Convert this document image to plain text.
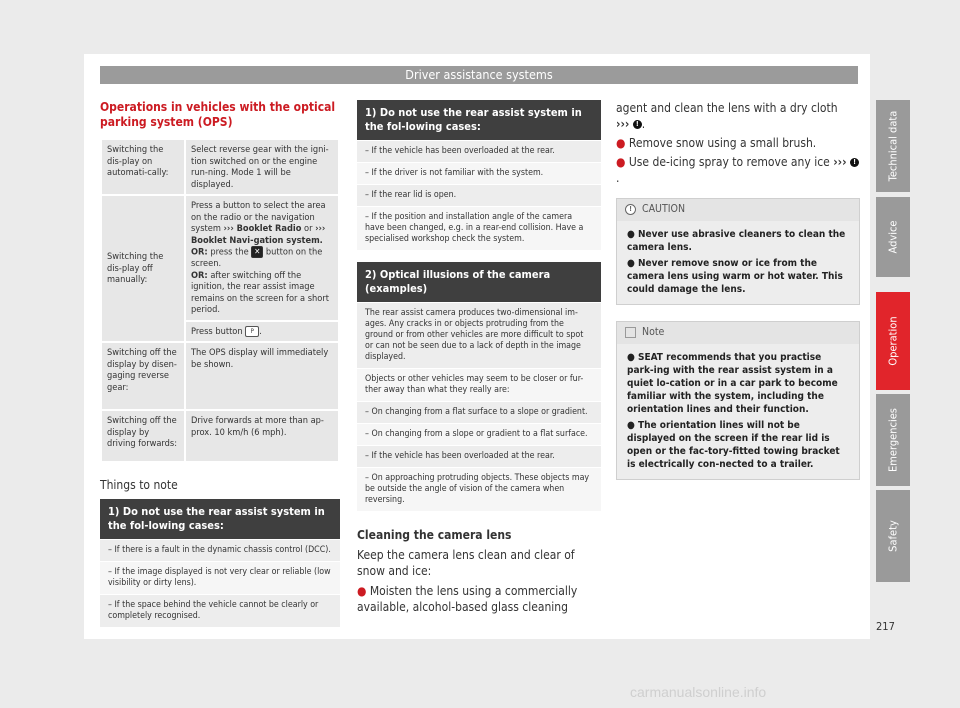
Driver assistance systems
Operations in vehicles with the optical parking system (OPS)
Switching the dis-play on automati-cally:	Select reverse gear with the igni-tion switched on or the engine run-ning. Mode 1 will be displayed.
Switching the dis-play off manually:	Press a button to select the area on the radio or the navigation system ››› Booklet Radio or ››› Booklet Navi-gation system.
OR: press the ✕ button on the screen.
OR: after switching off the ignition, the rear assist image remains on the screen for a short period.
	Press button P .
Switching off the display by disen-gaging reverse gear:	The OPS display will immediately be shown.
Switching off the display by driving forwards:	Drive forwards at more than ap-prox. 10 km/h (6 mph).
Things to note
1) Do not use the rear assist system in the fol-lowing cases:
– If there is a fault in the dynamic chassis control (DCC).
– If the image displayed is not very clear or reliable (low visibility or dirty lens).
– If the space behind the vehicle cannot be clearly or completely recognised.
1) Do not use the rear assist system in the fol-lowing cases:
– If the vehicle has been overloaded at the rear.
– If the driver is not familiar with the system.
– If the rear lid is open.
– If the position and installation angle of the camera have been changed, e.g. in a rear-end collision. Have a specialised workshop check the system.
2) Optical illusions of the camera (examples)
The rear assist camera produces two-dimensional im-ages. Any cracks in or objects protruding from the ground or from other vehicles are more difficult to spot or can not be seen due to a lack of depth in the image displayed.
Objects or other vehicles may seem to be closer or fur-ther away than what they really are:
– On changing from a flat surface to a slope or gradient.
– On changing from a slope or gradient to a flat surface.
– If the vehicle has been overloaded at the rear.
– On approaching protruding objects. These objects may be outside the angle of vision of the camera when reversing.
Cleaning the camera lens
Keep the camera lens clean and clear of snow and ice:
● Moisten the lens using a commercially available, alcohol-based glass cleaning
agent and clean the lens with a dry cloth
››› ! .
● Remove snow using a small brush.
● Use de-icing spray to remove any ice ››› !.
! CAUTION
● Never use abrasive cleaners to clean the camera lens.
● Never remove snow or ice from the camera lens using warm or hot water. This could damage the lens.
Note
● SEAT recommends that you practise park-ing with the rear assist system in a quiet lo-cation or in a car park to become familiar with the system, including the orientation lines and their function.
● The orientation lines will not be displayed on the screen if the rear lid is open or the fac-tory-fitted towing bracket is electrically con-nected to a trailer.
Technical data
Advice
Operation
Emergencies
Safety
217
carmanualsonline.info
